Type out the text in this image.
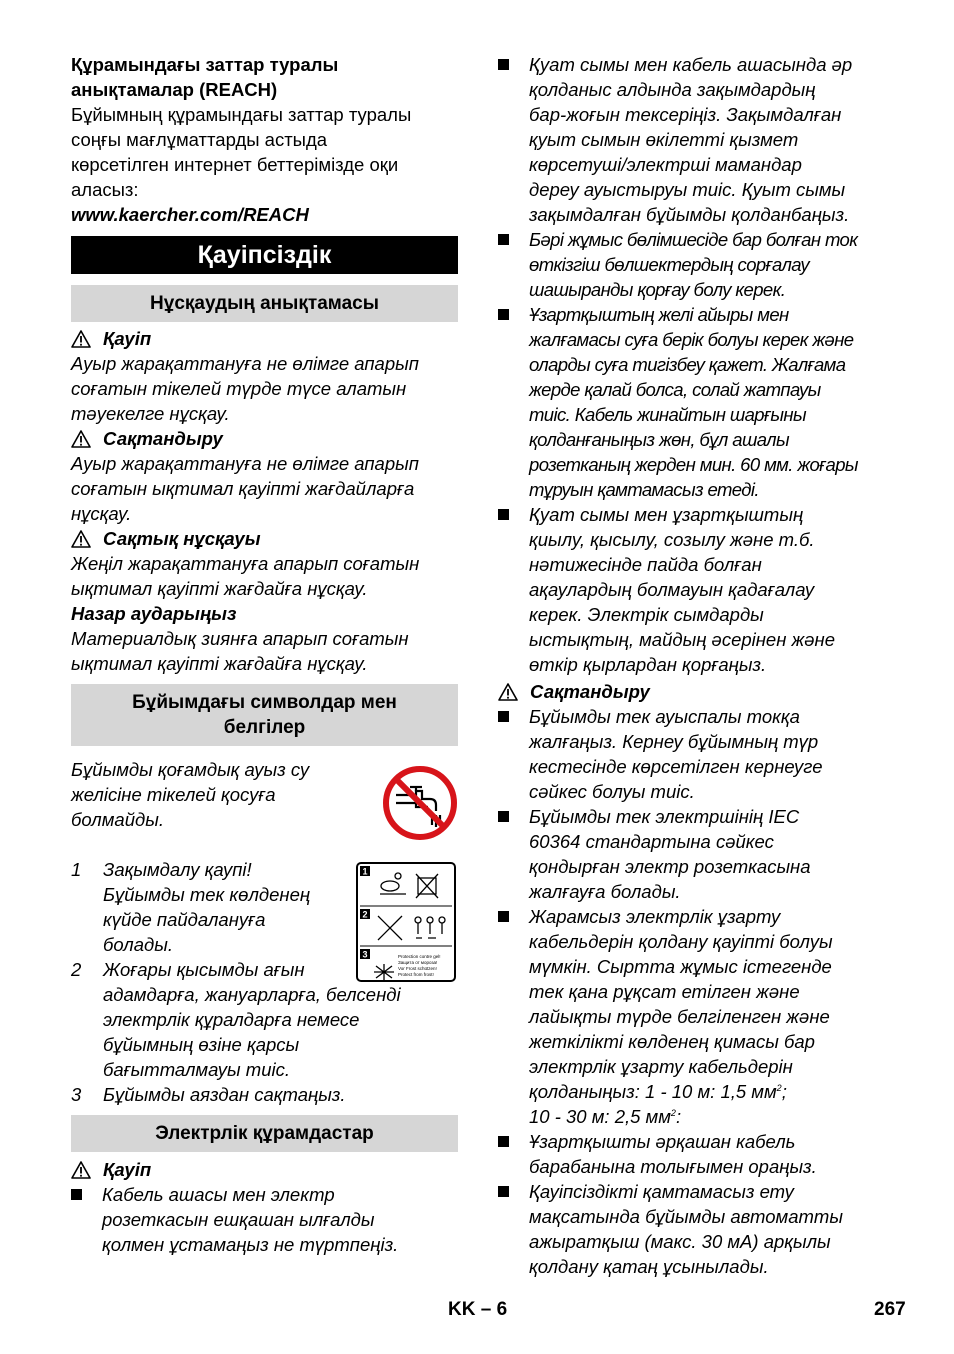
Құрамындағы заттар туралы

анықтамалар (REACH)

Бұйымның құрамындағы заттар туралы
соңғы мағлұматтарды астыда
көрсетілген интернет беттерімізде оқи
аласыз:

www.kaercher.com/REACH

Қауіпсіздік
Нұсқаудың анықтамасы
Қауіп

Ауыр жарақаттануға не өлімге апарып
соғатын тікелей түрде түсе алатын
тәуекелге нұсқау.

Сақтандыру

Ауыр жарақаттануға не өлімге апарып
соғатын ықтимал қауіпті жағдайларға
нұсқау.

Сақтық нұсқауы

Жеңіл жарақаттануға апарып соғатын
ықтимал қауіпті жағдайға нұсқау.

Назар аударыңыз

Материалдық зиянға апарып соғатын
ықтимал қауіпті жағдайға нұсқау.

Бұйымдағы символдар мен
белгілер

Бұйымды қоғамдық ауыз су
желісіне тікелей қосуға
болмайды.

1	Зақымдалу қаупі!
Бұйымды тек көлденең
күйде пайдалануға
болады.
2	Жоғары қысымды ағын
адамдарға, жануарларға, белсенді
электрлік құралдарға немесе
бұйымның өзіне қарсы
бағытталмауы тиіс.
3	Бұйымды аяздан сақтаңыз.
Электрлік құрамдастар
Қауіп
Кабель ашасы мен электр
розеткасын ешқашан ылғалды
қолмен ұстамаңыз не түртпеңіз.
1
2
3	Protection contre gel! Защита от мороза! Vor Frost schützen! Protect from frost!
Қуат сымы мен кабель ашасында әр
қолданыс алдында зақымдардың
бар-жоғын тексеріңіз. Зақымдалған
қуыт сымын өкілетті қызмет
көрсетуші/электрші мамандар
дереу ауыстыруы тиіс. Қуыт сымы
зақымдалған бұйымды қолданбаңыз.
Бәрі жұмыс бөлімшесіде бар болған ток
өткізгіш бөлшектердың сорғалау
шашыранды қорғау болу керек.
Ұзартқыштың желі айыры мен
жалғамасы суға берік болуы керек және
оларды суға тигізбеу қажет. Жалғама
жерде қалай болса, солай жатпауы
тиіс. Кабель жинайтын шарғыны
қолданғаныңыз жөн, бұл ашалы
розетканың жерден мин. 60 мм. жоғары
тұруын қамтамасыз етеді.
Қуат сымы мен ұзартқыштың
қиылу, қысылу, созылу және т.б.
нәтижесінде пайда болған
ақаулардың болмауын қадағалау
керек. Электрік сымдарды
ыстықтың, майдың әсерінен және
өткір қырлардан қорғаңыз.
Сақтандыру
Бұйымды тек ауыспалы токқа
жалғаңыз. Кернеу бұйымның түр
кестесінде көрсетілген кернеуге
сәйкес болуы тиіс.
Бұйымды тек электршінің IEC
60364 стандартына сәйкес
қондырған электр розеткасына
жалғауға болады.
Жарамсыз электрлік ұзарту
кабельдерін қолдану қауіпті болуы
мүмкін. Сыртта жұмыс істегенде
тек қана рұқсат етілген және
лайықты түрде белгіленген және
жеткілікті көлденең қимасы бар
электрлік ұзарту кабельдерін
қолданыңыз: 1 - 10 м: 1,5 $мм^2$;
10 - 30 м: 2,5 $мм^2$:
Ұзартқышты әрқашан кабель
барабанына толығымен ораңыз.
Қауіпсіздікті қамтамасыз ету
мақсатында бұйымды автоматты
ажыратқыш (макс. 30 мА) арқылы
қолдану қатаң ұсынылады.
KK – 6	267
